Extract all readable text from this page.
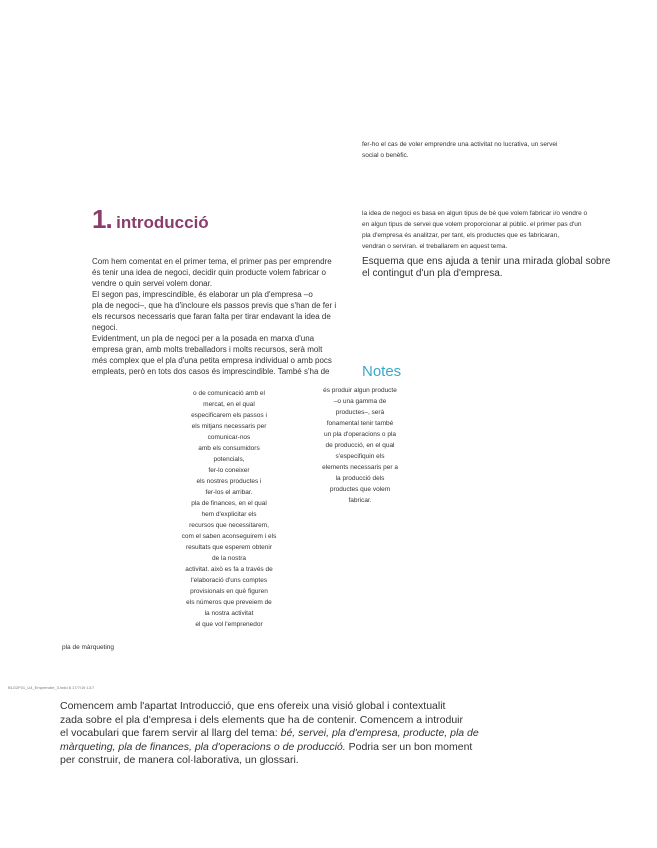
fer-ho el cas de voler emprendre una activitat no lucrativa, un servei
social o benèfic.
1. introducció	la idea de negoci es basa en algun tipus de bé que volem fabricar i/o vendre o
en algun tipus de servei que volem proporcionar al públic. el primer pas d'un
pla d'empresa és analitzar, per tant, els productes que es fabricaran,
vendran o serviran. el treballarem en aquest tema.
Esquema que ens ajuda a tenir una mirada global sobre
el contingut d'un pla d'empresa.
Com hem comentat en el primer tema, el primer pas per emprendre
és tenir una idea de negoci, decidir quin producte volem fabricar o
vendre o quin servei volem donar.
El segon pas, imprescindible, és elaborar un pla d'empresa –o
pla de negoci–, que ha d'incloure els passos previs que s'han de fer i
els recursos necessaris que faran falta per tirar endavant la idea de
negoci.
Evidentment, un pla de negoci per a la posada en marxa d'una
empresa gran, amb molts treballadors i molts recursos, serà molt
més complex que el pla d'una petita empresa individual o amb pocs
empleats, però en tots dos casos és imprescindible. També s'ha de	Notes
o de comunicació amb el
mercat, en el qual
especificarem els passos i
els mitjans necessaris per
comunicar-nos
amb els consumidors
potencials,
fer-lo coneixer
els nostres productes i
fer-los el arribar.
pla de finances, en el qual
hem d'explicitar els
recursos que necessitarem,
com el saben aconseguirem i els
resultats que esperem obtenir
de la nostra
activitat. això es fa a través de
l'elaboració d'uns comptes
provisionals en què figuren
els números que preveiem de
la nostra activitat
el que vol l'emprenedor
és produir algun producte
–o una gamma de
productes–, serà
fonamental tenir també
un pla d'operacions o pla
de producció, en el qual
s'especifiquin els
elements necessaris per a
la producció dels
productes que volem
fabricar.
pla de màrqueting
B1G2F01_U4_Emprendre_3.indd 8 17/7/19 13:7
Comencem amb l'apartat Introducció, que ens ofereix una visió global i contextualit
zada sobre el pla d'empresa i dels elements que ha de contenir. Comencem a introduir
el vocabulari que farem servir al llarg del tema: bé, servei, pla d'empresa, producte, pla de
màrqueting, pla de finances, pla d'operacions o de producció. Podria ser un bon moment
per construir, de manera col·laborativa, un glossari.
